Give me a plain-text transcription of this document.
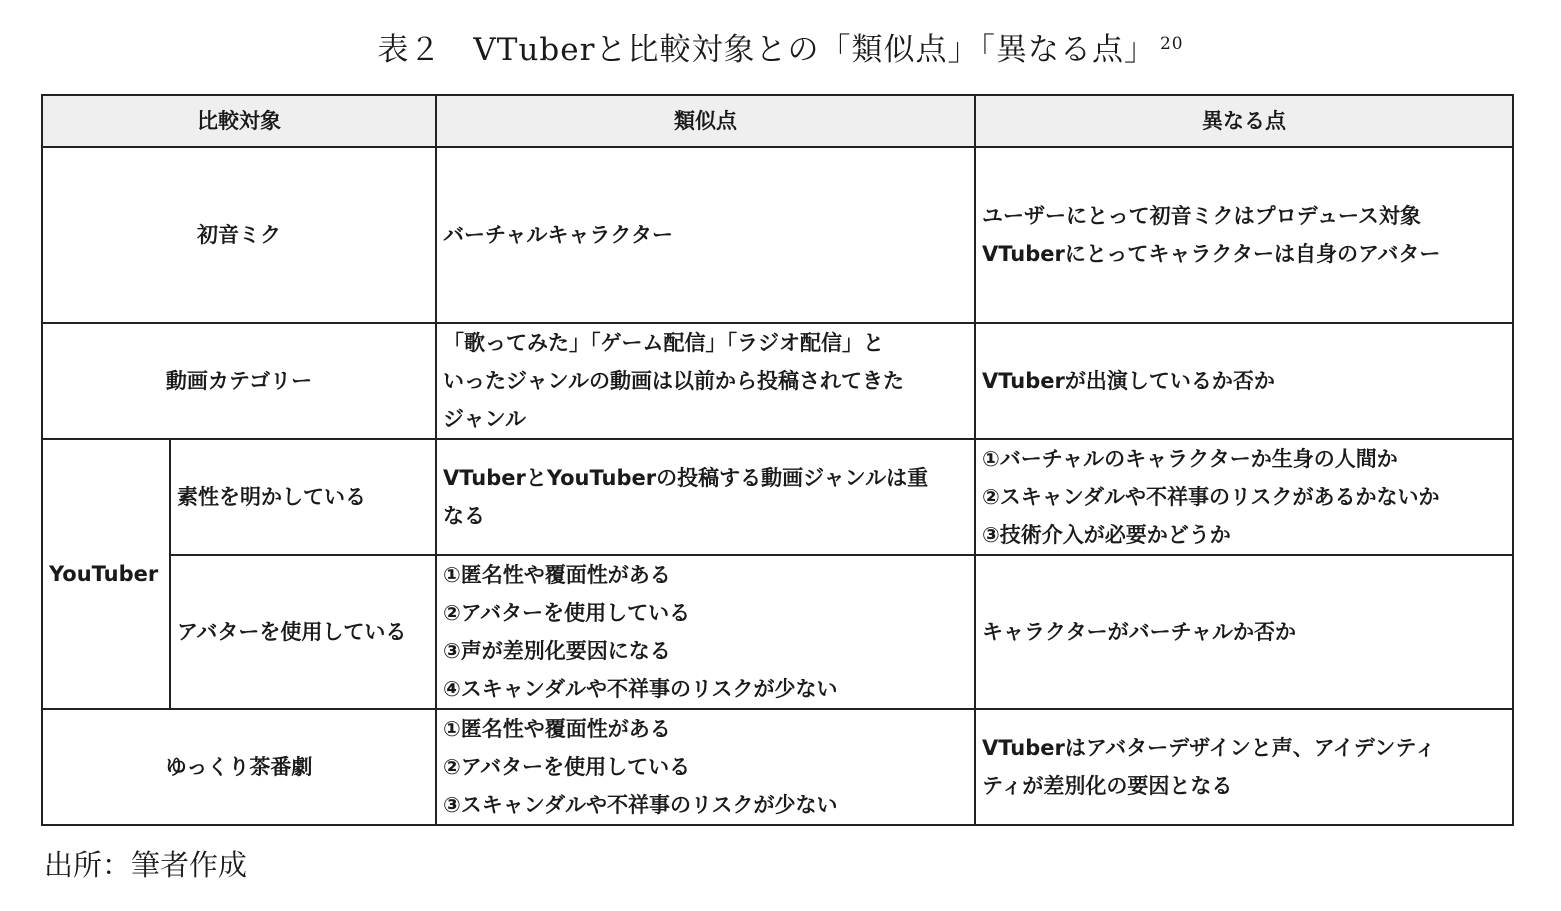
表２　VTuberと比較対象との「類似点」「異なる点」 $^{20}$
比較対象		類似点	異なる点
初音ミク		バーチャルキャラクター	ユーザーにとって初音ミクはプロデュース対象
VTuberにとってキャラクターは自身のアバター

動画カテゴリー		「歌ってみた」「ゲーム配信」「ラジオ配信」と
いったジャンルの動画は以前から投稿されてきた
ジャンル	VTuberが出演しているか否か

YouTuber	素性を明かしている	VTuberとYouTuberの投稿する動画ジャンルは重
なる	①バーチャルのキャラクターか生身の人間か
②スキャンダルや不祥事のリスクがあるかないか
③技術介入が必要かどうか

	アバターを使用している	①匿名性や覆面性がある
②アバターを使用している
③声が差別化要因になる
④スキャンダルや不祥事のリスクが少ない	キャラクターがバーチャルか否か

ゆっくり茶番劇		①匿名性や覆面性がある
②アバターを使用している
③スキャンダルや不祥事のリスクが少ない	VTuberはアバターデザインと声、アイデンティ
ティが差別化の要因となる
出所：筆者作成
